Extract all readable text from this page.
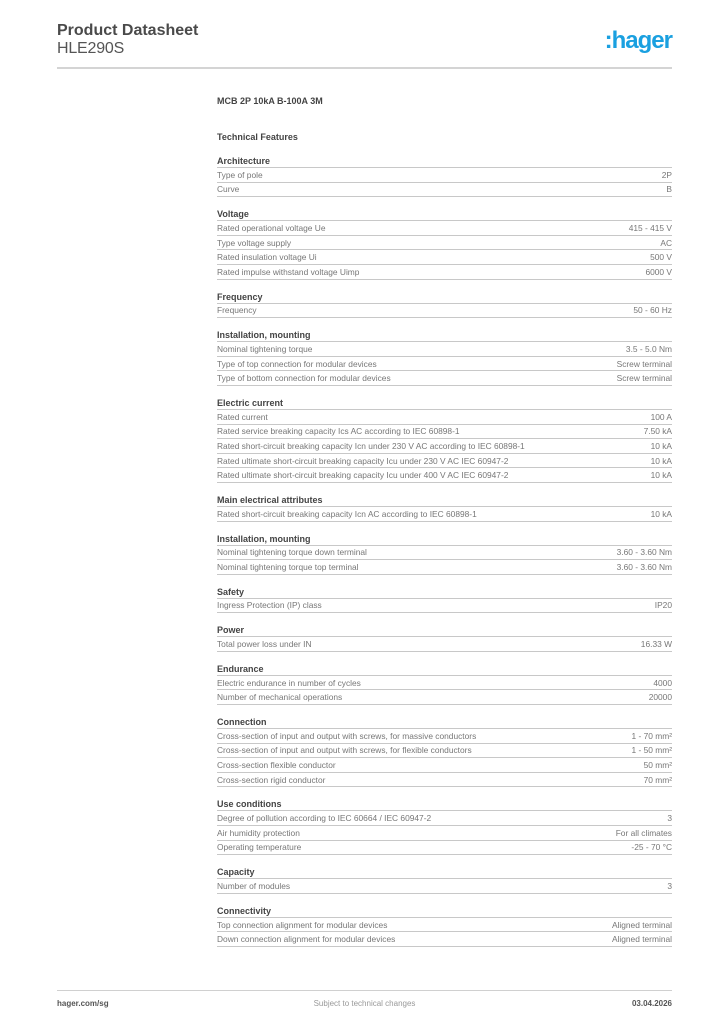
Product Datasheet
HLE290S	:hager
MCB 2P 10kA B-100A 3M
Technical Features
Architecture
Type of pole	2P
Curve	B
Voltage
Rated operational voltage Ue	415 - 415 V
Type voltage supply	AC
Rated insulation voltage Ui	500 V
Rated impulse withstand voltage Uimp	6000 V
Frequency
Frequency	50 - 60 Hz
Installation, mounting
Nominal tightening torque	3.5 - 5.0 Nm
Type of top connection for modular devices	Screw terminal
Type of bottom connection for modular devices	Screw terminal
Electric current
Rated current	100 A
Rated service breaking capacity Ics AC according to IEC 60898-1	7.50 kA
Rated short-circuit breaking capacity Icn under 230 V AC according to IEC 60898-1	10 kA
Rated ultimate short-circuit breaking capacity Icu under 230 V AC IEC 60947-2	10 kA
Rated ultimate short-circuit breaking capacity Icu under 400 V AC IEC 60947-2	10 kA
Main electrical attributes
Rated short-circuit breaking capacity Icn AC according to IEC 60898-1	10 kA
Installation, mounting
Nominal tightening torque down terminal	3.60 - 3.60 Nm
Nominal tightening torque top terminal	3.60 - 3.60 Nm
Safety
Ingress Protection (IP) class	IP20
Power
Total power loss under IN	16.33 W
Endurance
Electric endurance in number of cycles	4000
Number of mechanical operations	20000
Connection
Cross-section of input and output with screws, for massive conductors	1 - 70 mm²
Cross-section of input and output with screws, for flexible conductors	1 - 50 mm²
Cross-section flexible conductor	50 mm²
Cross-section rigid conductor	70 mm²
Use conditions
Degree of pollution according to IEC 60664 / IEC 60947-2	3
Air humidity protection	For all climates
Operating temperature	-25 - 70 °C
Capacity
Number of modules	3
Connectivity
Top connection alignment for modular devices	Aligned terminal
Down connection alignment for modular devices	Aligned terminal
hager.com/sg	Subject to technical changes	03.04.2026
